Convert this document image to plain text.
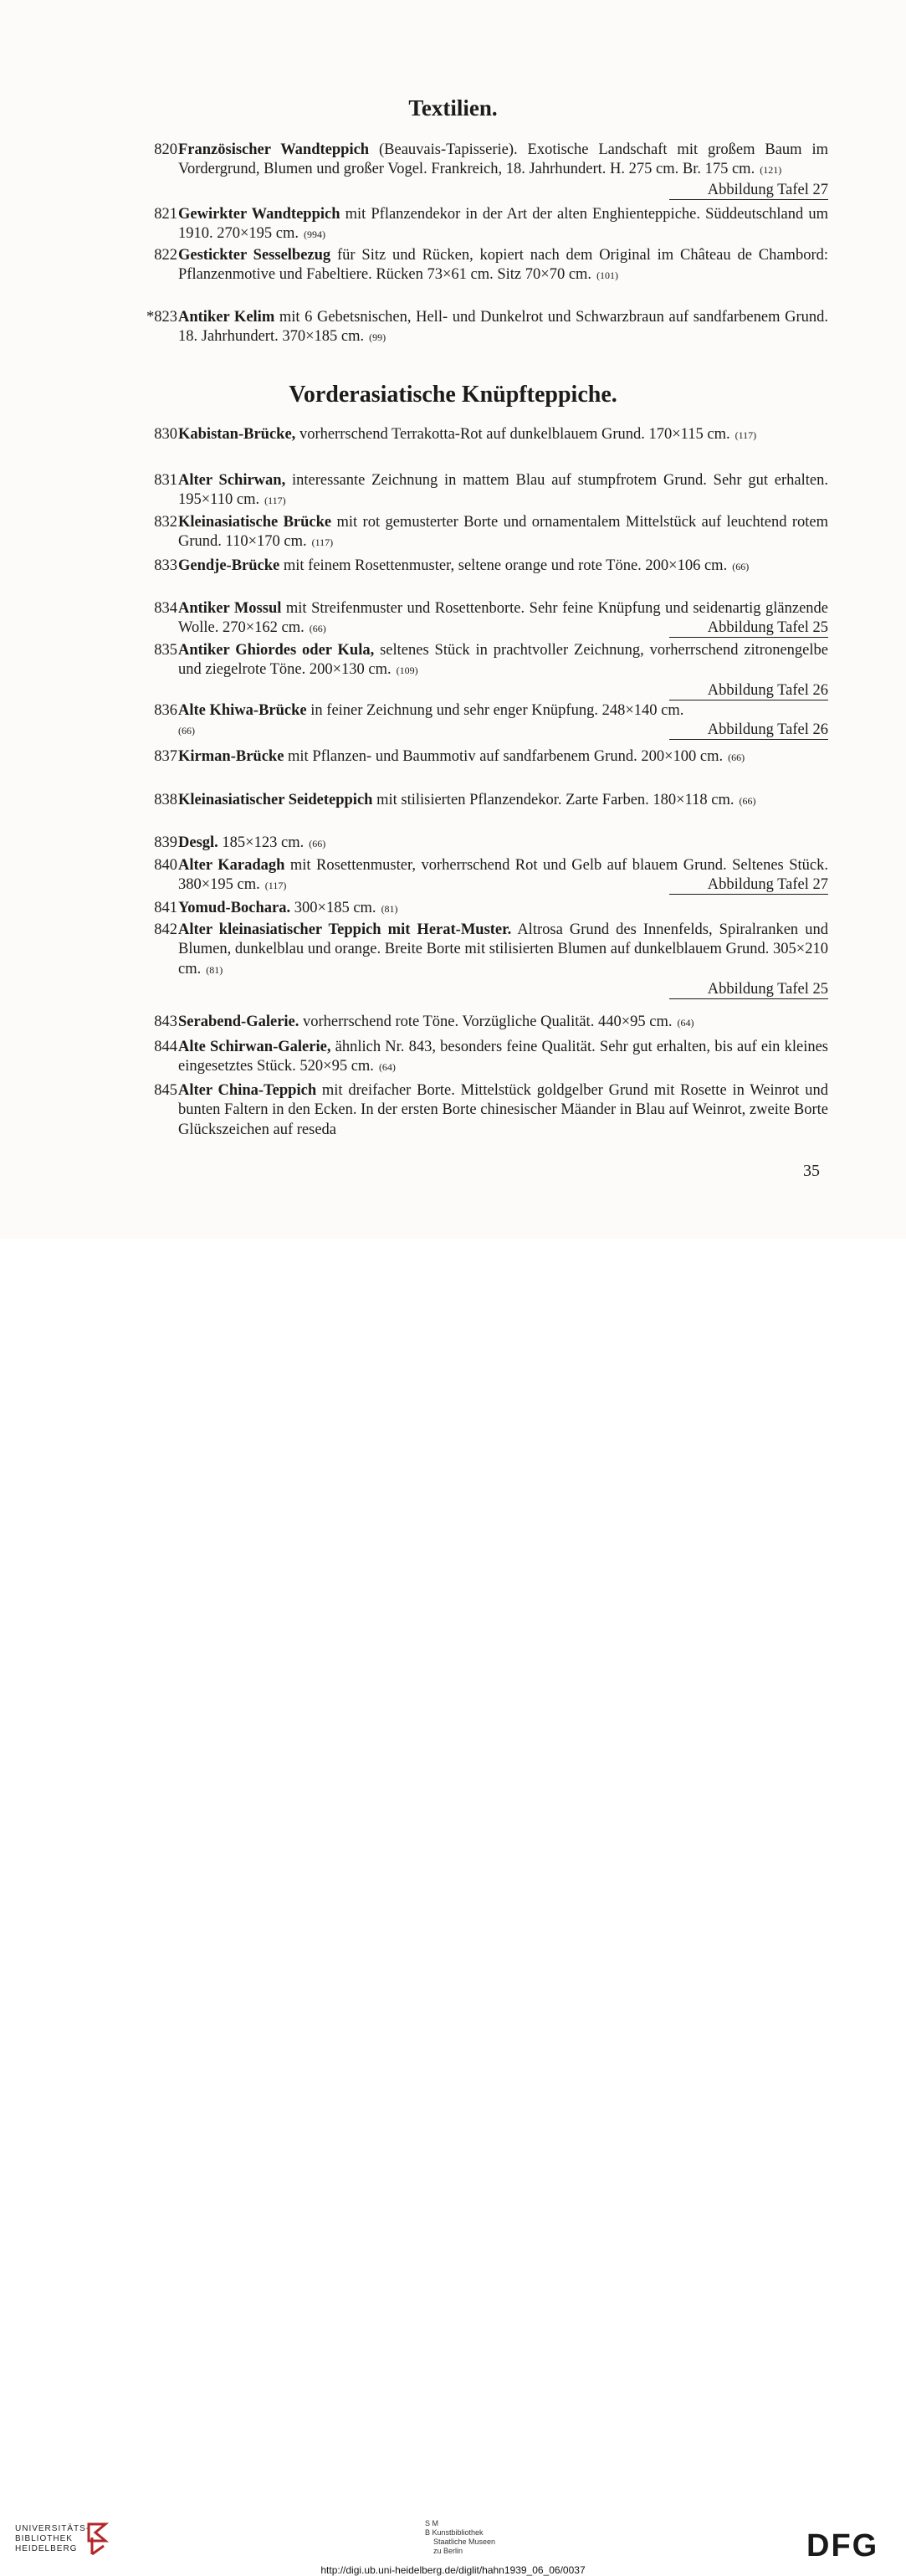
Textilien.
820 Französischer Wandteppich (Beauvais-Tapisserie). Exotische Landschaft mit großem Baum im Vordergrund, Blumen und großer Vogel. Frankreich, 18. Jahrhundert. H. 275 cm. Br. 175 cm. (121)
Abbildung Tafel 27
821 Gewirkter Wandteppich mit Pflanzendekor in der Art der alten Enghienteppiche. Süddeutschland um 1910. 270×195 cm. (994)
822 Gestickter Sesselbezug für Sitz und Rücken, kopiert nach dem Original im Château de Chambord: Pflanzenmotive und Fabeltiere. Rücken 73×61 cm. Sitz 70×70 cm. (101)
*823 Antiker Kelim mit 6 Gebetsnischen, Hell- und Dunkelrot und Schwarzbraun auf sandfarbenem Grund. 18. Jahrhundert. 370×185 cm. (99)
Vorderasiatische Knüpfteppiche.
830 Kabistan-Brücke, vorherrschend Terrakotta-Rot auf dunkelblauem Grund. 170×115 cm. (117)
831 Alter Schirwan, interessante Zeichnung in mattem Blau auf stumpfrotem Grund. Sehr gut erhalten. 195×110 cm. (117)
832 Kleinasiatische Brücke mit rot gemusterter Borte und ornamentalem Mittelstück auf leuchtend rotem Grund. 110×170 cm. (117)
833 Gendje-Brücke mit feinem Rosettenmuster, seltene orange und rote Töne. 200×106 cm. (66)
834 Antiker Mossul mit Streifenmuster und Rosettenborte. Sehr feine Knüpfung und seidenartig glänzende Wolle. 270×162 cm. (66)	Abbildung Tafel 25
835 Antiker Ghiordes oder Kula, seltenes Stück in prachtvoller Zeichnung, vorherrschend zitronengelbe und ziegelrote Töne. 200×130 cm. (109)
Abbildung Tafel 26
836 Alte Khiwa-Brücke in feiner Zeichnung und sehr enger Knüpfung. 248×140 cm.
(66)	Abbildung Tafel 26
837 Kirman-Brücke mit Pflanzen- und Baummotiv auf sandfarbenem Grund. 200×100 cm. (66)
838 Kleinasiatischer Seideteppich mit stilisierten Pflanzendekor. Zarte Farben. 180×118 cm. (66)
839 Desgl. 185×123 cm. (66)
840 Alter Karadagh mit Rosettenmuster, vorherrschend Rot und Gelb auf blauem Grund. Seltenes Stück. 380×195 cm. (117)	Abbildung Tafel 27
841 Yomud-Bochara. 300×185 cm. (81)
842 Alter kleinasiatischer Teppich mit Herat-Muster. Altrosa Grund des Innenfelds, Spiralranken und Blumen, dunkelblau und orange. Breite Borte mit stilisierten Blumen auf dunkelblauem Grund. 305×210 cm. (81)
Abbildung Tafel 25
843 Serabend-Galerie. vorherrschend rote Töne. Vorzügliche Qualität. 440×95 cm. (64)
844 Alte Schirwan-Galerie, ähnlich Nr. 843, besonders feine Qualität. Sehr gut erhalten, bis auf ein kleines eingesetztes Stück. 520×95 cm. (64)
845 Alter China-Teppich mit dreifacher Borte. Mittelstück goldgelber Grund mit Rosette in Weinrot und bunten Faltern in den Ecken. In der ersten Borte chinesischer Mäander in Blau auf Weinrot, zweite Borte Glückszeichen auf reseda
35
UNIVERSITÄTS-
BIBLIOTHEK
HEIDELBERG
S M
B Kunstbibliothek
Staatliche Museen
zu Berlin	DFG
http://digi.ub.uni-heidelberg.de/diglit/hahn1939_06_06/0037
